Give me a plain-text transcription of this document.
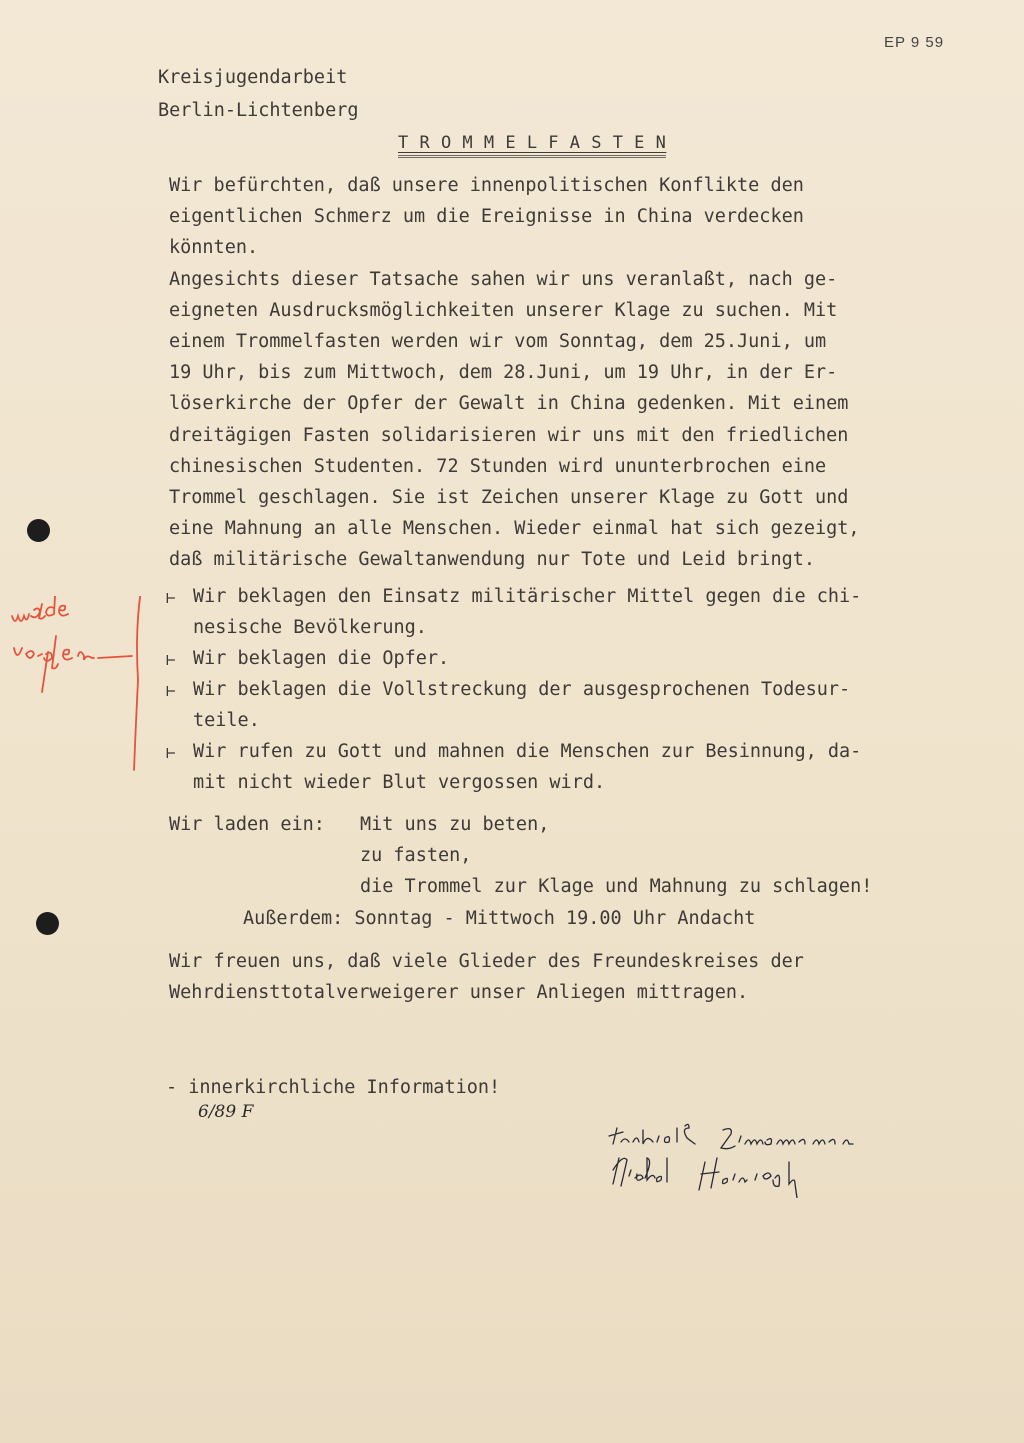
EP 9 59
Kreisjugendarbeit
Berlin-Lichtenberg
T R O M M E L F A S T E N
Wir befürchten, daß unsere innenpolitischen Konflikte den
eigentlichen Schmerz um die Ereignisse in China verdecken
könnten.
Angesichts dieser Tatsache sahen wir uns veranlaßt, nach ge-
eigneten Ausdrucksmöglichkeiten unserer Klage zu suchen. Mit
einem Trommelfasten werden wir vom Sonntag, dem 25.Juni, um
19 Uhr, bis zum Mittwoch, dem 28.Juni, um 19 Uhr, in der Er-
löserkirche der Opfer der Gewalt in China gedenken. Mit einem
dreitägigen Fasten solidarisieren wir uns mit den friedlichen
chinesischen Studenten. 72 Stunden wird ununterbrochen eine
Trommel geschlagen. Sie ist Zeichen unserer Klage zu Gott und
eine Mahnung an alle Menschen. Wieder einmal hat sich gezeigt,
daß militärische Gewaltanwendung nur Tote und Leid bringt.
⊢ Wir beklagen den Einsatz militärischer Mittel gegen die chi-
nesische Bevölkerung.
⊢ Wir beklagen die Opfer.
⊢ Wir beklagen die Vollstreckung der ausgesprochenen Todesur-
teile.
⊢ Wir rufen zu Gott und mahnen die Menschen zur Besinnung, da-
mit nicht wieder Blut vergossen wird.
Wir laden ein: Mit uns zu beten,
zu fasten,
die Trommel zur Klage und Mahnung zu schlagen!
Außerdem: Sonntag - Mittwoch 19.00 Uhr Andacht
Wir freuen uns, daß viele Glieder des Freundeskreises der
Wehrdiensttotalverweigerer unser Anliegen mittragen.
- innerkirchliche Information!
6/89 F
